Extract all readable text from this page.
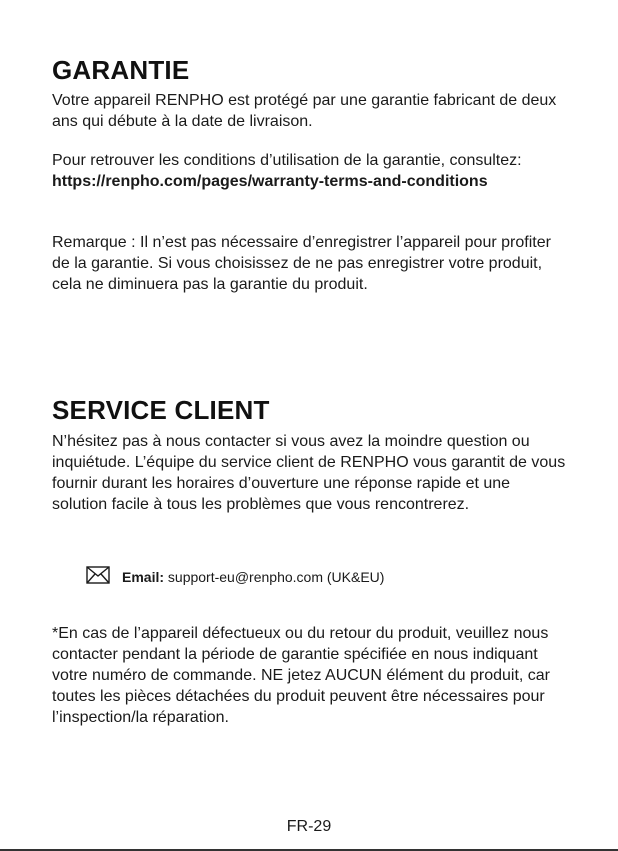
GARANTIE

Votre appareil RENPHO est protégé par une garantie fabricant de deux ans qui débute à la date de livraison.

Pour retrouver les conditions d’utilisation de la garantie, consultez:
https://renpho.com/pages/warranty-terms-and-conditions

Remarque : Il n’est pas nécessaire d’enregistrer l’appareil pour profiter de la garantie. Si vous choisissez de ne pas enregistrer votre produit, cela ne diminuera pas la garantie du produit.

SERVICE CLIENT

N’hésitez pas à nous contacter si vous avez la moindre question ou inquiétude. L’équipe du service client de RENPHO vous garantit de vous fournir durant les horaires d’ouverture une réponse rapide et une solution facile à tous les problèmes que vous rencontrerez.

*En cas de l’appareil défectueux ou du retour du produit, veuillez nous contacter pendant la période de garantie spécifiée en nous indiquant votre numéro de commande. NE jetez AUCUN élément du produit, car toutes les pièces détachées du produit peuvent être nécessaires pour l’inspection/la réparation.

Email: support-eu@renpho.com (UK&EU)
FR-29
